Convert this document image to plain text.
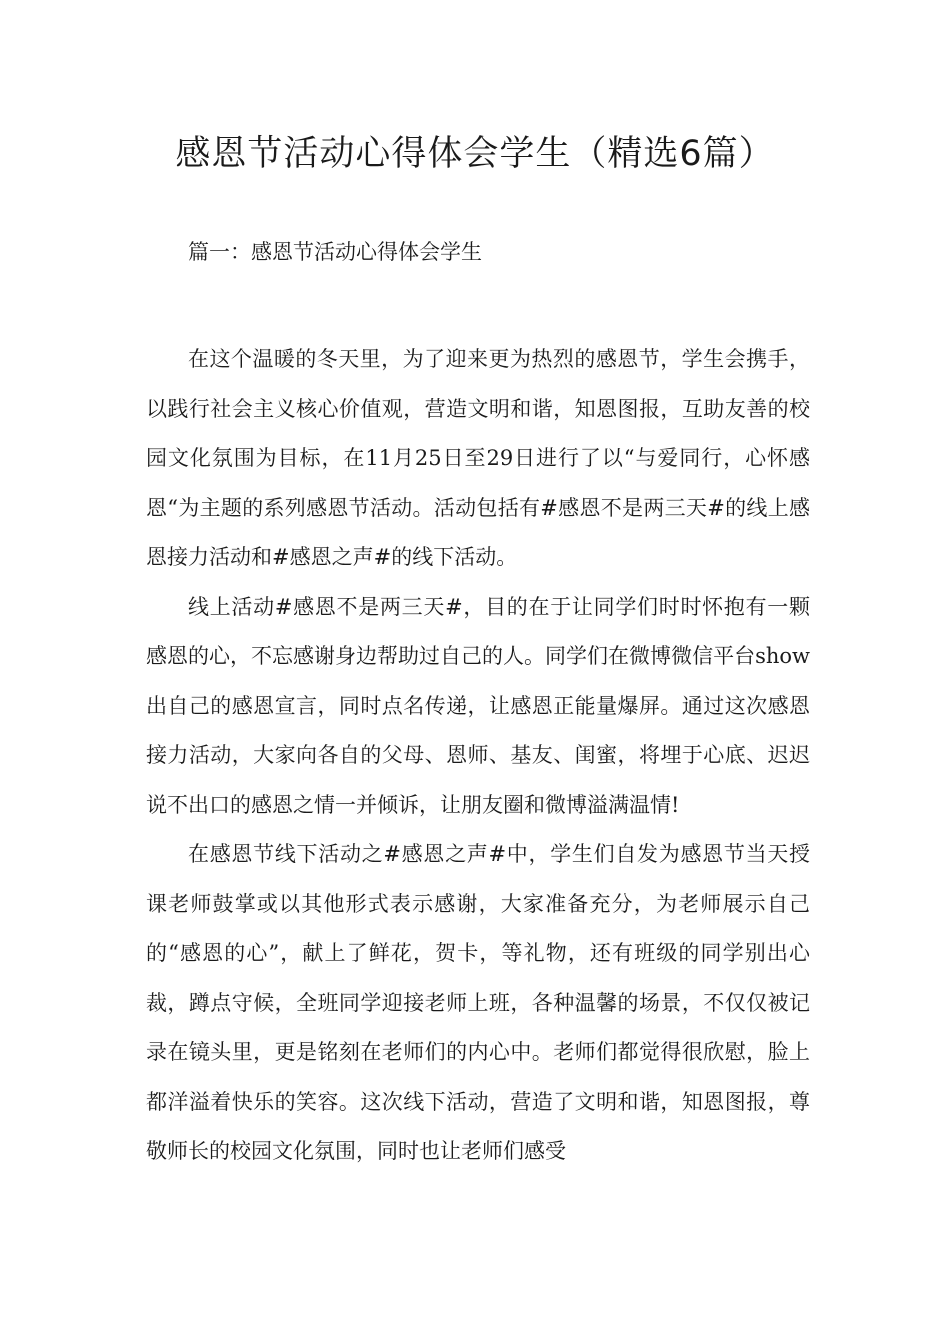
感恩节活动心得体会学生（精选6篇）
篇一：感恩节活动心得体会学生

在这个温暖的冬天里，为了迎来更为热烈的感恩节，学生会携手，以践行社会主义核心价值观，营造文明和谐，知恩图报，互助友善的校园文化氛围为目标，在11月25日至29日进行了以“与爱同行，心怀感恩“为主题的系列感恩节活动。活动包括有#感恩不是两三天#的线上感恩接力活动和#感恩之声#的线下活动。

线上活动#感恩不是两三天#，目的在于让同学们时时怀抱有一颗感恩的心，不忘感谢身边帮助过自己的人。同学们在微博微信平台show出自己的感恩宣言，同时点名传递，让感恩正能量爆屏。通过这次感恩接力活动，大家向各自的父母、恩师、基友、闺蜜，将埋于心底、迟迟说不出口的感恩之情一并倾诉，让朋友圈和微博溢满温情!

在感恩节线下活动之#感恩之声#中，学生们自发为感恩节当天授课老师鼓掌或以其他形式表示感谢，大家准备充分，为老师展示自己的“感恩的心”，献上了鲜花，贺卡，等礼物，还有班级的同学别出心裁，蹲点守候，全班同学迎接老师上班，各种温馨的场景，不仅仅被记录在镜头里，更是铭刻在老师们的内心中。老师们都觉得很欣慰，脸上都洋溢着快乐的笑容。这次线下活动，营造了文明和谐，知恩图报，尊敬师长的校园文化氛围，同时也让老师们感受
